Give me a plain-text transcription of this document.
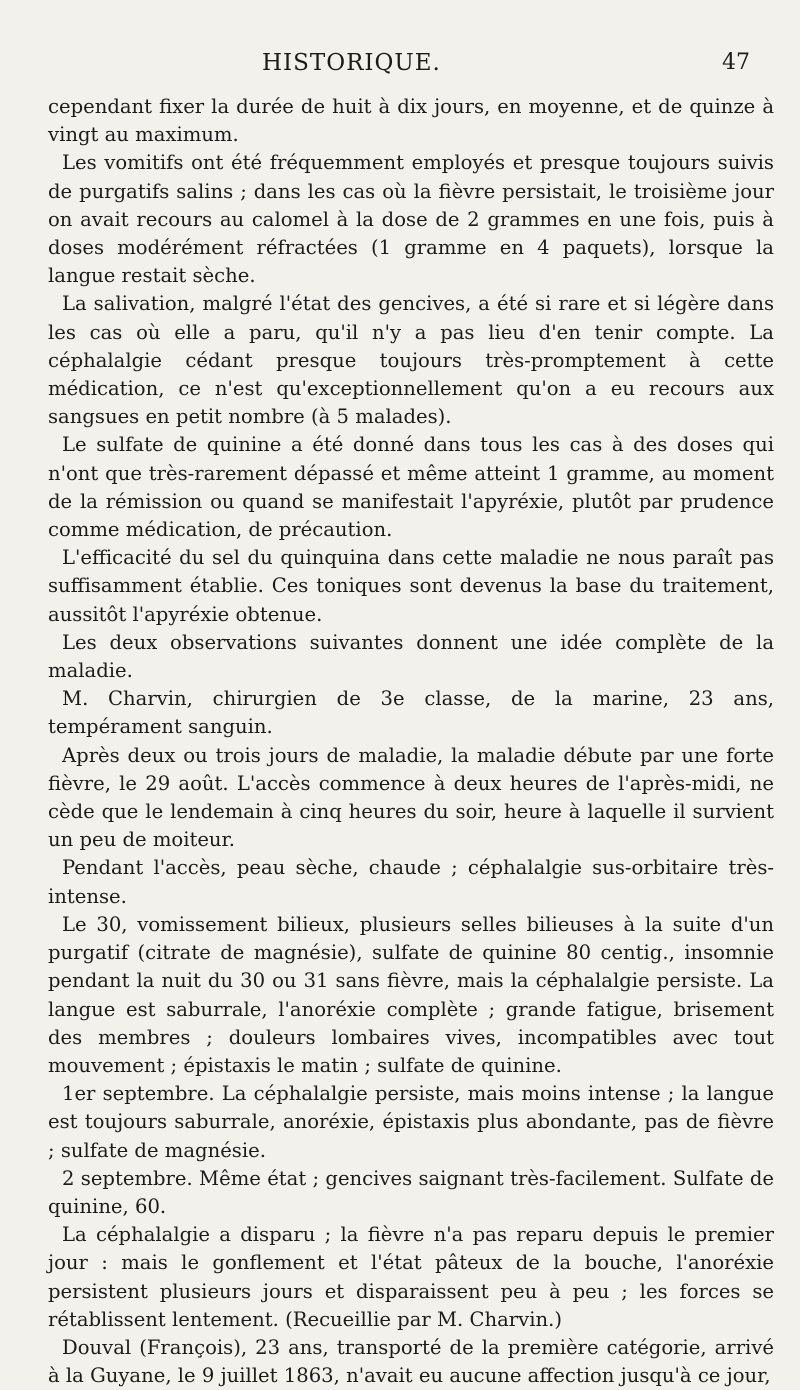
HISTORIQUE.	47

cependant fixer la durée de huit à dix jours, en moyenne, et de quinze à vingt au maximum.

Les vomitifs ont été fréquemment employés et presque toujours suivis de purgatifs salins ; dans les cas où la fièvre persistait, le troisième jour on avait recours au calomel à la dose de 2 grammes en une fois, puis à doses modérément réfractées (1 gramme en 4 paquets), lorsque la langue restait sèche.

La salivation, malgré l'état des gencives, a été si rare et si légère dans les cas où elle a paru, qu'il n'y a pas lieu d'en tenir compte. La céphalalgie cédant presque toujours très-promptement à cette médication, ce n'est qu'exceptionnellement qu'on a eu recours aux sangsues en petit nombre (à 5 malades).

Le sulfate de quinine a été donné dans tous les cas à des doses qui n'ont que très-rarement dépassé et même atteint 1 gramme, au moment de la rémission ou quand se manifestait l'apyréxie, plutôt par prudence comme médication, de précaution.

L'efficacité du sel du quinquina dans cette maladie ne nous paraît pas suffisamment établie. Ces toniques sont devenus la base du traitement, aussitôt l'apyréxie obtenue.

Les deux observations suivantes donnent une idée complète de la maladie.

M. Charvin, chirurgien de 3e classe, de la marine, 23 ans, tempérament sanguin.

Après deux ou trois jours de maladie, la maladie débute par une forte fièvre, le 29 août. L'accès commence à deux heures de l'après-midi, ne cède que le lendemain à cinq heures du soir, heure à laquelle il survient un peu de moiteur.

Pendant l'accès, peau sèche, chaude ; céphalalgie sus-orbitaire très-intense.

Le 30, vomissement bilieux, plusieurs selles bilieuses à la suite d'un purgatif (citrate de magnésie), sulfate de quinine 80 centig., insomnie pendant la nuit du 30 ou 31 sans fièvre, mais la céphalalgie persiste. La langue est saburrale, l'anoréxie complète ; grande fatigue, brisement des membres ; douleurs lombaires vives, incompatibles avec tout mouvement ; épistaxis le matin ; sulfate de quinine.

1er septembre. La céphalalgie persiste, mais moins intense ; la langue est toujours saburrale, anoréxie, épistaxis plus abondante, pas de fièvre ; sulfate de magnésie.

2 septembre. Même état ; gencives saignant très-facilement. Sulfate de quinine, 60.

La céphalalgie a disparu ; la fièvre n'a pas reparu depuis le premier jour : mais le gonflement et l'état pâteux de la bouche, l'anoréxie persistent plusieurs jours et disparaissent peu à peu ; les forces se rétablissent lentement. (Recueillie par M. Charvin.)

Douval (François), 23 ans, transporté de la première catégorie, arrivé à la Guyane, le 9 juillet 1863, n'avait eu aucune affection jusqu'à ce jour,
